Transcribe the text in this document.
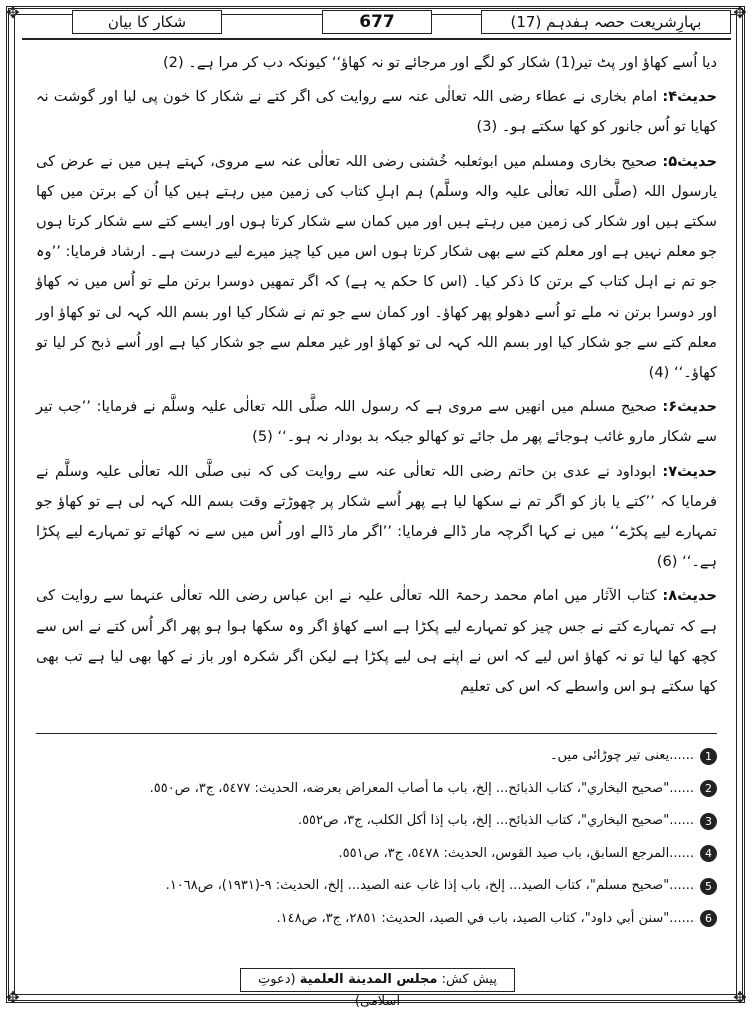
✥	✥
✥	✥
بہارِشریعت حصہ ہفدہم (17)
677
شکار کا بیان

دیا اُسے کھاؤ اور پٹ تیر(1) شکار کو لگے اور مرجائے تو نہ کھاؤ‘‘ کیونکہ دب کر مرا ہے۔ (2)

حدیث۴: امام بخاری نے عطاء رضی اللہ تعالٰی عنہ سے روایت کی اگر کتے نے شکار کا خون پی لیا اور گوشت نہ کھایا تو اُس جانور کو کھا سکتے ہو۔ (3)

حدیث۵: صحیح بخاری ومسلم میں ابوثعلبہ خُشنی رضی اللہ تعالٰی عنہ سے مروی، کہتے ہیں میں نے عرض کی یارسول اللہ (صلَّی اللہ تعالٰی علیہ والہ وسلَّم) ہم اہلِ کتاب کی زمین میں رہتے ہیں کیا اُن کے برتن میں کھا سکتے ہیں اور شکار کی زمین میں رہتے ہیں اور میں کمان سے شکار کرتا ہوں اور ایسے کتے سے شکار کرتا ہوں جو معلم نہیں ہے اور معلم کتے سے بھی شکار کرتا ہوں اس میں کیا چیز میرے لیے درست ہے۔ ارشاد فرمایا: ’’وہ جو تم نے اہل کتاب کے برتن کا ذکر کیا۔ (اس کا حکم یہ ہے) کہ اگر تمھیں دوسرا برتن ملے تو اُس میں نہ کھاؤ اور دوسرا برتن نہ ملے تو اُسے دھولو پھر کھاؤ۔ اور کمان سے جو تم نے شکار کیا اور بسم اللہ کہہ لی تو کھاؤ اور معلم کتے سے جو شکار کیا اور بسم اللہ کہہ لی تو کھاؤ اور غیر معلم سے جو شکار کیا ہے اور اُسے ذبح کر لیا تو کھاؤ۔‘‘ (4)

حدیث۶: صحیح مسلم میں انھیں سے مروی ہے کہ رسول اللہ صلَّی اللہ تعالٰی علیہ وسلَّم نے فرمایا: ’’جب تیر سے شکار مارو غائب ہوجائے پھر مل جائے تو کھالو جبکہ بد بودار نہ ہو۔‘‘ (5)

حدیث۷: ابوداود نے عدی بن حاتم رضی اللہ تعالٰی عنہ سے روایت کی کہ نبی صلَّی اللہ تعالٰی علیہ وسلَّم نے فرمایا کہ ’’کتے یا باز کو اگر تم نے سکھا لیا ہے پھر اُسے شکار پر چھوڑتے وقت بسم اللہ کہہ لی ہے تو کھاؤ جو تمہارے لیے پکڑے‘‘ میں نے کہا اگرچہ مار ڈالے فرمایا: ’’اگر مار ڈالے اور اُس میں سے نہ کھائے تو تمہارے لیے پکڑا ہے۔‘‘ (6)

حدیث۸: کتاب الآثار میں امام محمد رحمۃ اللہ تعالٰی علیہ نے ابن عباس رضی اللہ تعالٰی عنہما سے روایت کی ہے کہ تمہارے کتے نے جس چیز کو تمہارے لیے پکڑا ہے اسے کھاؤ اگر وہ سکھا ہوا ہو پھر اگر اُس کتے نے اس سے کچھ کھا لیا تو نہ کھاؤ اس لیے کہ اس نے اپنے ہی لیے پکڑا ہے لیکن اگر شکرہ اور باز نے کھا بھی لیا ہے تب بھی کھا سکتے ہو اس واسطے کہ اس کی تعلیم

1
......یعنی تیر چوڑائی میں۔
2
......"صحيح البخاري"، كتاب الذبائح... إلخ، باب ما أصاب المعراض بعرضه، الحديث: ٥٤٧٧، ج٣، ص٥٥٠.
3
......"صحيح البخاري"، كتاب الذبائح... إلخ، باب إذا أكل الكلب، ج٣، ص٥٥٢.
4
......المرجع السابق، باب صيد القوس، الحديث: ٥٤٧٨، ج٣، ص٥٥١.
5
......"صحيح مسلم"، كتاب الصيد... إلخ، باب إذا غاب عنه الصيد... إلخ، الحديث: ٩-(١٩٣١)، ص١٠٦٨.
6
......"سنن أبي داود"، كتاب الصيد، باب في الصيد، الحديث: ٢٨٥١، ج٣، ص١٤٨.
پیش کش: مجلس المدینة العلمیة (دعوتِ اسلامی)
